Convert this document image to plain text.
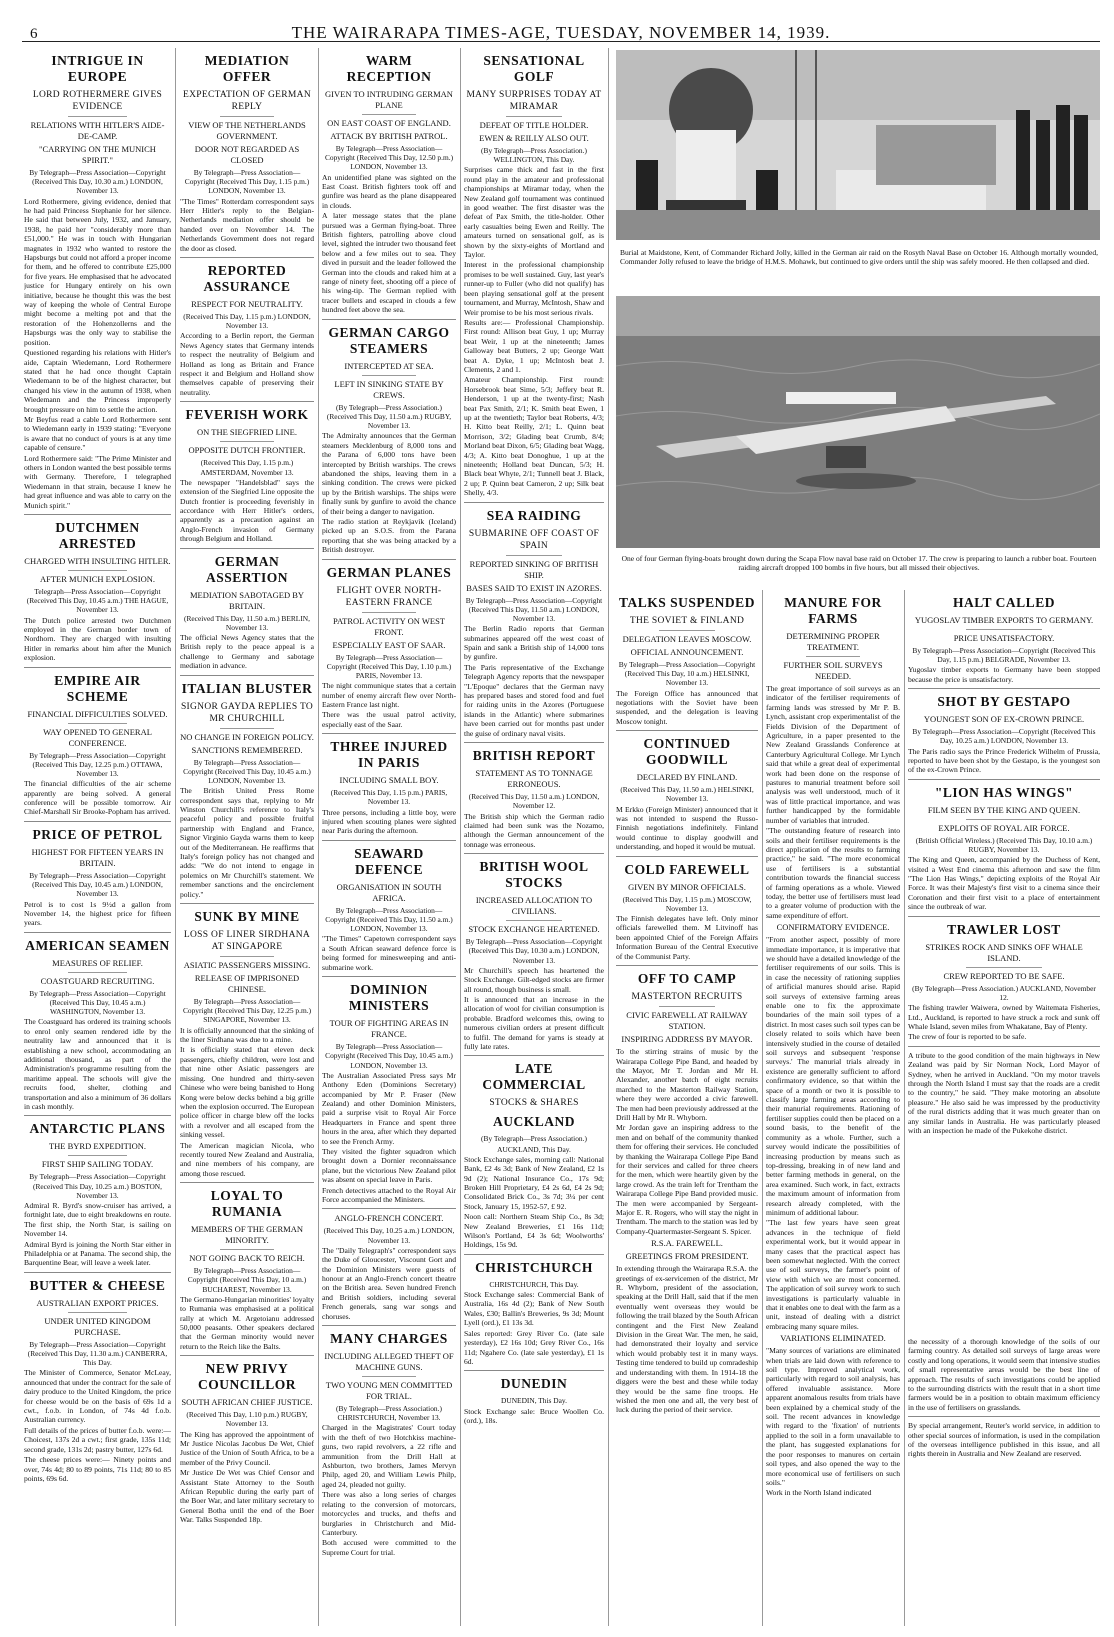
6	THE WAIRARAPA TIMES-AGE, TUESDAY, NOVEMBER 14, 1939.
INTRIGUE IN EUROPE
LORD ROTHERMERE GIVES EVIDENCE
RELATIONS WITH HITLER'S AIDE-DE-CAMP.
"CARRYING ON THE MUNICH SPIRIT."
By Telegraph—Press Association—Copyright (Received This Day, 10.30 a.m.) LONDON, November 13.
Lord Rothermere, giving evidence, denied that he had paid Princess Stephanie for her silence. He said that between July, 1932, and January, 1938, he paid her "considerably more than £51,000." He was in touch with Hungarian magnates in 1932 who wanted to restore the Hapsburgs but could not afford a proper income for them, and he offered to contribute £25,000 for five years. He emphasised that he advocated justice for Hungary entirely on his own initiative, because he thought this was the best way of keeping the whole of Central Europe might become a melting pot and that the restoration of the Hohenzollerns and the Hapsburgs was the only way to stabilise the position.
Questioned regarding his relations with Hitler's aide, Captain Wiedemann, Lord Rothermere stated that he had once thought Captain Wiedemann to be of the highest character, but changed his view in the autumn of 1938, when Wiedemann and the Princess improperly brought pressure on him to settle the action.
Mr Beyfus read a cable Lord Rothermere sent to Wiedemann early in 1939 stating: "Everyone is aware that no conduct of yours is at any time capable of censure."
Lord Rothermere said: "The Prime Minister and others in London wanted the best possible terms with Germany. Therefore, I telegraphed Wiedemann in that strain, because I knew he had great influence and was able to carry on the Munich spirit."
DUTCHMEN ARRESTED
CHARGED WITH INSULTING HITLER.
AFTER MUNICH EXPLOSION.
Telegraph—Press Association—Copyright (Received This Day, 10.45 a.m.) THE HAGUE, November 13.
The Dutch police arrested two Dutchmen employed in the German border town of Nordhorn. They are charged with insulting Hitler in remarks about him after the Munich explosion.
EMPIRE AIR SCHEME
FINANCIAL DIFFICULTIES SOLVED.
WAY OPENED TO GENERAL CONFERENCE.
By Telegraph—Press Association—Copyright (Received This Day, 12.25 p.m.) OTTAWA, November 13.
The financial difficulties of the air scheme apparently are being solved. A general conference will be possible tomorrow. Air Chief-Marshall Sir Brooke-Popham has arrived.
PRICE OF PETROL
HIGHEST FOR FIFTEEN YEARS IN BRITAIN.
By Telegraph—Press Association—Copyright (Received This Day, 10.45 a.m.) LONDON, November 13.
Petrol is to cost 1s 9½d a gallon from November 14, the highest price for fifteen years.
AMERICAN SEAMEN
MEASURES OF RELIEF.
COASTGUARD RECRUITING.
By Telegraph—Press Association—Copyright (Received This Day, 10.45 a.m.) WASHINGTON, November 13.
The Coastguard has ordered its training schools to enrol only seamen rendered idle by the neutrality law and announced that it is establishing a new school, accommodating an additional thousand, as part of the Administration's programme resulting from the maritime appeal. The schools will give the recruits food, shelter, clothing and transportation and also a minimum of 36 dollars in cash monthly.
ANTARCTIC PLANS
THE BYRD EXPEDITION.
FIRST SHIP SAILING TODAY.
By Telegraph—Press Association—Copyright (Received This Day, 10.25 a.m.) BOSTON, November 13.
Admiral R. Byrd's snow-cruiser has arrived, a fortnight late, due to eight breakdowns en route. The first ship, the North Star, is sailing on November 14.
Admiral Byrd is joining the North Star either in Philadelphia or at Panama. The second ship, the Barquentine Bear, will leave a week later.
BUTTER & CHEESE
AUSTRALIAN EXPORT PRICES.
UNDER UNITED KINGDOM PURCHASE.
By Telegraph—Press Association—Copyright (Received This Day, 11.30 a.m.) CANBERRA, This Day.
The Minister of Commerce, Senator McLeay, announced that under the contract for the sale of dairy produce to the United Kingdom, the price for cheese would be on the basis of 69s 1d a cwt., f.o.b. in London, of 74s 4d f.o.b. Australian currency.
Full details of the prices of butter f.o.b. were:—Choicest, 137s 2d a cwt.; first grade, 135s 11d; second grade, 131s 2d; pastry butter, 127s 6d.
The cheese prices were:— Ninety points and over, 74s 4d; 80 to 89 points, 71s 11d; 80 to 85 points, 69s 6d.
MEDIATION OFFER
EXPECTATION OF GERMAN REPLY
VIEW OF THE NETHERLANDS GOVERNMENT.
DOOR NOT REGARDED AS CLOSED
By Telegraph—Press Association—Copyright (Received This Day, 1.15 p.m.) LONDON, November 13.
"The Times" Rotterdam correspondent says Herr Hitler's reply to the Belgian-Netherlands mediation offer should be handed over on November 14. The Netherlands Government does not regard the door as closed.
REPORTED ASSURANCE
RESPECT FOR NEUTRALITY.
(Received This Day, 1.15 p.m.) LONDON, November 13.
According to a Berlin report, the German News Agency states that Germany intends to respect the neutrality of Belgium and Holland as long as Britain and France respect it and Belgium and Holland show themselves capable of preserving their neutrality.
FEVERISH WORK
ON THE SIEGFRIED LINE.
OPPOSITE DUTCH FRONTIER.
(Received This Day, 1.15 p.m.) AMSTERDAM, November 13.
The newspaper "Handelsblad" says the extension of the Siegfried Line opposite the Dutch frontier is proceeding feverishly in accordance with Herr Hitler's orders, apparently as a precaution against an Anglo-French invasion of Germany through Belgium and Holland.
GERMAN ASSERTION
MEDIATION SABOTAGED BY BRITAIN.
(Received This Day, 11.50 a.m.) BERLIN, November 13.
The official News Agency states that the British reply to the peace appeal is a challenge to Germany and sabotage mediation in advance.
ITALIAN BLUSTER
SIGNOR GAYDA REPLIES TO MR CHURCHILL
NO CHANGE IN FOREIGN POLICY.
SANCTIONS REMEMBERED.
By Telegraph—Press Association—Copyright (Received This Day, 10.45 a.m.) LONDON, November 13.
The British United Press Rome correspondent says that, replying to Mr Winston Churchill's reference to Italy's peaceful policy and possible fruitful partnership with England and France, Signor Virginio Gayda warns them to keep out of the Mediterranean. He reaffirms that Italy's foreign policy has not changed and adds: "We do not intend to engage in polemics on Mr Churchill's statement. We remember sanctions and the encirclement policy."
SUNK BY MINE
LOSS OF LINER SIRDHANA AT SINGAPORE
ASIATIC PASSENGERS MISSING.
RELEASE OF IMPRISONED CHINESE.
By Telegraph—Press Association—Copyright (Received This Day, 12.25 p.m.) SINGAPORE, November 13.
It is officially announced that the sinking of the liner Sirdhana was due to a mine.
It is officially stated that eleven deck passengers, chiefly children, were lost and that nine other Asiatic passengers are missing. One hundred and thirty-seven Chinese who were being banished to Hong Kong were below decks behind a big grille when the explosion occurred. The European police officer in charge blew off the locks with a revolver and all escaped from the sinking vessel.
The American magician Nicola, who recently toured New Zealand and Australia, and nine members of his company, are among those rescued.
LOYAL TO RUMANIA
MEMBERS OF THE GERMAN MINORITY.
NOT GOING BACK TO REICH.
By Telegraph—Press Association—Copyright (Received This Day, 10 a.m.) BUCHAREST, November 13.
The Germano-Hungarian minorities' loyalty to Rumania was emphasised at a political rally at which M. Argetoianu addressed 50,000 peasants. Other speakers declared that the German minority would never return to the Reich like the Balts.
NEW PRIVY COUNCILLOR
SOUTH AFRICAN CHIEF JUSTICE.
(Received This Day, 1.10 p.m.) RUGBY, November 13.
The King has approved the appointment of Mr Justice Nicolas Jacobus De Wet, Chief Justice of the Union of South Africa, to be a member of the Privy Council.
Mr Justice De Wet was Chief Censor and Assistant State Attorney to the South African Republic during the early part of the Boer War, and later military secretary to General Botha until the end of the Boer War. Talks Suspended 18p.
WARM RECEPTION
GIVEN TO INTRUDING GERMAN PLANE
ON EAST COAST OF ENGLAND.
ATTACK BY BRITISH PATROL.
By Telegraph—Press Association—Copyright (Received This Day, 12.50 p.m.) LONDON, November 13.
An unidentified plane was sighted on the East Coast. British fighters took off and gunfire was heard as the plane disappeared in clouds.
A later message states that the plane pursued was a German flying-boat. Three British fighters, patrolling above cloud level, sighted the intruder two thousand feet below and a few miles out to sea. They dived in pursuit and the leader followed the German into the clouds and raked him at a range of ninety feet, shooting off a piece of his wing-tip. The German replied with tracer bullets and escaped in clouds a few hundred feet above the sea.
GERMAN CARGO STEAMERS
INTERCEPTED AT SEA.
LEFT IN SINKING STATE BY CREWS.
(By Telegraph—Press Association.) (Received This Day, 11.50 a.m.) RUGBY, November 13.
The Admiralty announces that the German steamers Mecklenburg of 8,000 tons and the Parana of 6,000 tons have been intercepted by British warships. The crews abandoned the ships, leaving them in a sinking condition. The crews were picked up by the British warships. The ships were finally sunk by gunfire to avoid the chance of their being a danger to navigation.
The radio station at Reykjavik (Iceland) picked up an S.O.S. from the Parana reporting that she was being attacked by a British destroyer.
GERMAN PLANES
FLIGHT OVER NORTH-EASTERN FRANCE
PATROL ACTIVITY ON WEST FRONT.
ESPECIALLY EAST OF SAAR.
By Telegraph—Press Association—Copyright (Received This Day, 1.10 p.m.) PARIS, November 13.
The night communique states that a certain number of enemy aircraft flew over North-Eastern France last night.
There was the usual patrol activity, especially east of the Saar.
THREE INJURED IN PARIS
INCLUDING SMALL BOY.
(Received This Day, 1.15 p.m.) PARIS, November 13.
Three persons, including a little boy, were injured when scouting planes were sighted near Paris during the afternoon.
SEAWARD DEFENCE
ORGANISATION IN SOUTH AFRICA.
By Telegraph—Press Association—Copyright (Received This Day, 11.50 a.m.) LONDON, November 13.
"The Times" Capetown correspondent says a South African seaward defence force is being formed for minesweeping and anti-submarine work.
DOMINION MINISTERS
TOUR OF FIGHTING AREAS IN FRANCE.
By Telegraph—Press Association—Copyright (Received This Day, 10.45 a.m.) LONDON, November 13.
The Australian Associated Press says Mr Anthony Eden (Dominions Secretary) accompanied by Mr P. Fraser (New Zealand) and other Dominion Ministers, paid a surprise visit to Royal Air Force Headquarters in France and spent three hours in the area, after which they departed to see the French Army.
They visited the fighter squadron which brought down a Dornier reconnaissance plane, but the victorious New Zealand pilot was absent on special leave in Paris.
French detectives attached to the Royal Air Force accompanied the Ministers.
ANGLO-FRENCH CONCERT.
(Received This Day, 10.25 a.m.) LONDON, November 13.
The "Daily Telegraph's" correspondent says the Duke of Gloucester, Viscount Gort and the Dominion Ministers were guests of honour at an Anglo-French concert theatre on the British area. Seven hundred French and British soldiers, including several French generals, sang war songs and choruses.
MANY CHARGES
INCLUDING ALLEGED THEFT OF MACHINE GUNS.
TWO YOUNG MEN COMMITTED FOR TRIAL.
(By Telegraph—Press Association.) CHRISTCHURCH, November 13.
Charged in the Magistrates' Court today with the theft of two Hotchkiss machine-guns, two rapid revolvers, a 22 rifle and ammunition from the Drill Hall at Ashburton, two brothers, James Mervyn Philp, aged 20, and William Lewis Philp, aged 24, pleaded not guilty.
There was also a long series of charges relating to the conversion of motorcars, motorcycles and trucks, and thefts and burglaries in Christchurch and Mid-Canterbury.
Both accused were committed to the Supreme Court for trial.
SENSATIONAL GOLF
MANY SURPRISES TODAY AT MIRAMAR
DEFEAT OF TITLE HOLDER.
EWEN & REILLY ALSO OUT.
(By Telegraph—Press Association.) WELLINGTON, This Day.
Surprises came thick and fast in the first round play in the amateur and professional championships at Miramar today, when the New Zealand golf tournament was continued in good weather. The first disaster was the defeat of Pax Smith, the title-holder. Other early casualties being Ewen and Reilly. The amateurs turned on sensational golf, as is shown by the sixty-eights of Mortland and Taylor.
Interest in the professional championship promises to be well sustained. Guy, last year's runner-up to Fuller (who did not qualify) has been playing sensational golf at the present tournament, and Murray, McIntosh, Shaw and Weir promise to be his most serious rivals.
Results are:— Professional Championship. First round: Allison beat Guy, 1 up; Murray beat Weir, 1 up at the nineteenth; James Galloway beat Butters, 2 up; George Watt beat A. Dyke, 1 up; McIntosh beat J. Clements, 2 and 1.
Amateur Championship. First round: Horsebrook beat Sime, 5/3; Jeffery beat R. Henderson, 1 up at the twenty-first; Nash beat Pax Smith, 2/1; K. Smith beat Ewen, 1 up at the twentieth; Taylor beat Roberts, 4/3; H. Kitto beat Reilly, 2/1; L. Quinn beat Morrison, 3/2; Glading beat Crumb, 8/4; Morland beat Dixon, 6/5; Glading beat Wagg, 4/3; A. Kitto beat Donoghue, 1 up at the nineteenth; Holland beat Duncan, 5/3; H. Black beat Whyte, 2/1; Tunnell beat J. Black, 2 up; P. Quinn beat Cameron, 2 up; Silk beat Shelly, 4/3.
SEA RAIDING
SUBMARINE OFF COAST OF SPAIN
REPORTED SINKING OF BRITISH SHIP.
BASES SAID TO EXIST IN AZORES.
By Telegraph—Press Association—Copyright (Received This Day, 11.50 a.m.) LONDON, November 13.
The Berlin Radio reports that German submarines appeared off the west coast of Spain and sank a British ship of 14,000 tons by gunfire.
The Paris representative of the Exchange Telegraph Agency reports that the newspaper "L'Epoque" declares that the German navy has prepared bases and stored food and fuel for raiding units in the Azores (Portuguese islands in the Atlantic) where submarines have been carried out for months past under the guise of ordinary naval visits.
BRITISH REPORT
STATEMENT AS TO TONNAGE ERRONEOUS.
(Received This Day, 11.50 a.m.) LONDON, November 12.
The British ship which the German radio claimed had been sunk was the Nozamo, although the German announcement of the tonnage was erroneous.
BRITISH WOOL STOCKS
INCREASED ALLOCATION TO CIVILIANS.
STOCK EXCHANGE HEARTENED.
By Telegraph—Press Association—Copyright (Received This Day, 10.30 a.m.) LONDON, November 13.
Mr Churchill's speech has heartened the Stock Exchange. Gilt-edged stocks are firmer all round, though business is small.
It is announced that an increase in the allocation of wool for civilian consumption is probable. Bradford welcomes this, owing to numerous civilian orders at present difficult to fulfil. The demand for yarns is steady at fully late rates.
LATE COMMERCIAL
STOCKS & SHARES
AUCKLAND
(By Telegraph—Press Association.)
AUCKLAND, This Day.
Stock Exchange sales, morning call: National Bank, £2 4s 3d; Bank of New Zealand, £2 1s 9d (2); National Insurance Co., 17s 9d; Broken Hill Proprietary, £4 2s 6d, £4 2s 9d; Consolidated Brick Co., 3s 7d; 3¼ per cent Stock, January 15, 1952-57, £ 92.
Noon call: Northern Steam Ship Co., 8s 3d; New Zealand Breweries, £1 16s 11d; Wilson's Portland, £4 3s 6d; Woolworths' Holdings, 15s 9d.
CHRISTCHURCH
CHRISTCHURCH, This Day.
Stock Exchange sales: Commercial Bank of Australia, 16s 4d (2); Bank of New South Wales, £30; Ballin's Breweries, 9s 3d; Mount Lyell (ord.), £1 13s 3d.
Sales reported: Grey River Co. (late sale yesterday), £2 16s 10d; Grey River Co., 16s 11d; Ngahere Co. (late sale yesterday), £1 1s 6d.
DUNEDIN
DUNEDIN, This Day.
Stock Exchange sale: Bruce Woollen Co. (ord.), 18s.
Burial at Maidstone, Kent, of Commander Richard Jolly, killed in the German air raid on the Rosyth Naval Base on October 16. Although mortally wounded, Commander Jolly refused to leave the bridge of H.M.S. Mohawk, but continued to give orders until the ship was safely moored. He then collapsed and died.
One of four German flying-boats brought down during the Scapa Flow naval base raid on October 17. The crew is preparing to launch a rubber boat. Fourteen raiding aircraft dropped 100 bombs in five hours, but all missed their objectives.
TALKS SUSPENDED
THE SOVIET & FINLAND
DELEGATION LEAVES MOSCOW.
OFFICIAL ANNOUNCEMENT.
By Telegraph—Press Association—Copyright (Received This Day, 10 a.m.) HELSINKI, November 13.
The Foreign Office has announced that negotiations with the Soviet have been suspended, and the delegation is leaving Moscow tonight.
CONTINUED GOODWILL
DECLARED BY FINLAND.
(Received This Day, 11.50 a.m.) HELSINKI, November 13.
M Erkko (Foreign Minister) announced that it was not intended to suspend the Russo-Finnish negotiations indefinitely. Finland would continue to display goodwill and understanding, and hoped it would be mutual.
COLD FAREWELL
GIVEN BY MINOR OFFICIALS.
(Received This Day, 1.15 p.m.) MOSCOW, November 13.
The Finnish delegates have left. Only minor officials farewelled them. M Litvinoff has been appointed Chief of the Foreign Affairs Information Bureau of the Central Executive of the Communist Party.
OFF TO CAMP
MASTERTON RECRUITS
CIVIC FAREWELL AT RAILWAY STATION.
INSPIRING ADDRESS BY MAYOR.
To the stirring strains of music by the Wairarapa College Pipe Band, and headed by the Mayor, Mr T. Jordan and Mr H. Alexander, another batch of eight recruits marched to the Masterton Railway Station, where they were accorded a civic farewell. The men had been previously addressed at the Drill Hall by Mr R. Whyborn.
Mr Jordan gave an inspiring address to the men and on behalf of the community thanked them for offering their services. He concluded by thanking the Wairarapa College Pipe Band for their services and called for three cheers for the men, which were heartily given by the large crowd. As the train left for Trentham the Wairarapa College Pipe Band provided music. The men were accompanied by Sergeant-Major E. R. Rogers, who will stay the night in Trentham. The march to the station was led by Company-Quartermaster-Sergeant S. Spicer.
R.S.A. FAREWELL.
GREETINGS FROM PRESIDENT.
In extending through the Wairarapa R.S.A. the greetings of ex-servicemen of the district, Mr R. Whyborn, president of the association, speaking at the Drill Hall, said that if the men eventually went overseas they would be following the trail blazed by the South African contingent and the First New Zealand Division in the Great War. The men, he said, had demonstrated their loyalty and service which would probably test it in many ways. Testing time tendered to build up comradeship and understanding with them. In 1914-18 the diggers were the best and these while today they would be the same fine troops. He wished the men one and all, the very best of luck during the period of their service.
MANURE FOR FARMS
DETERMINING PROPER TREATMENT.
FURTHER SOIL SURVEYS NEEDED.
The great importance of soil surveys as an indicator of the fertiliser requirements of farming lands was stressed by Mr P. B. Lynch, assistant crop experimentalist of the Fields Division of the Department of Agriculture, in a paper presented to the New Zealand Grasslands Conference at Canterbury Agricultural College. Mr Lynch said that while a great deal of experimental work had been done on the response of pastures to manurial treatment before soil analysis was well understood, much of it was of little practical importance, and was further handicapped by the formidable number of variables that intruded.
"The outstanding feature of research into soils and their fertiliser requirements is the direct application of the results to farming practice," he said. "The more economical use of fertilisers is a substantial contribution towards the financial success of farming operations as a whole. Viewed today, the better use of fertilisers must lead to a greater volume of production with the same expenditure of effort.
CONFIRMATORY EVIDENCE.
"From another aspect, possibly of more immediate importance, it is imperative that we should have a detailed knowledge of the fertiliser requirements of our soils. This is in case the necessity of rationing supplies of artificial manures should arise. Rapid soil surveys of extensive farming areas enable one to fix the approximate boundaries of the main soil types of a district. In most cases such soil types can be closely related to soils which have been intensively studied in the course of detailed soil surveys and subsequent 'response surveys.' The manurial trials already in existence are generally sufficient to afford confirmatory evidence, so that within the space of a month or two it is possible to classify large farming areas according to their manurial requirements. Rationing of fertiliser supplies could then be placed on a sound basis, to the benefit of the community as a whole. Further, such a survey would indicate the possibilities of increasing production by means such as top-dressing, breaking in of new land and better farming methods in general, on the area examined. Such work, in fact, extracts the maximum amount of information from research already completed, with the minimum of additional labour.
"The last few years have seen great advances in the technique of field experimental work, but it would appear in many cases that the practical aspect has been somewhat neglected. With the correct use of soil surveys, the farmer's point of view with which we are most concerned. The application of soil survey work to such investigations is particularly valuable in that it enables one to deal with the farm as a unit, instead of dealing with a district embracing many square miles.
VARIATIONS ELIMINATED.
"Many sources of variations are eliminated when trials are laid down with reference to soil type. Improved analytical work, particularly with regard to soil analysis, has offered invaluable assistance. More apparent anomalous results from trials have been explained by a chemical study of the soil. The recent advances in knowledge with regard to the 'fixation' of nutrients applied to the soil in a form unavailable to the plant, has suggested explanations for the poor responses to manures on certain soil types, and also opened the way to the more economical use of fertilisers on such soils."
Work in the North Island indicated
HALT CALLED
YUGOSLAV TIMBER EXPORTS TO GERMANY.
PRICE UNSATISFACTORY.
By Telegraph—Press Association—Copyright (Received This Day, 1.15 p.m.) BELGRADE, November 13.
Yugoslav timber exports to Germany have been stopped because the price is unsatisfactory.
SHOT BY GESTAPO
YOUNGEST SON OF EX-CROWN PRINCE.
By Telegraph—Press Association—Copyright (Received This Day, 10.25 a.m.) LONDON, November 13.
The Paris radio says the Prince Frederick Wilhelm of Prussia, reported to have been shot by the Gestapo, is the youngest son of the ex-Crown Prince.
"LION HAS WINGS"
FILM SEEN BY THE KING AND QUEEN.
EXPLOITS OF ROYAL AIR FORCE.
(British Official Wireless.) (Received This Day, 10.10 a.m.) RUGBY, November 13.
The King and Queen, accompanied by the Duchess of Kent, visited a West End cinema this afternoon and saw the film "The Lion Has Wings," depicting exploits of the Royal Air Force. It was their Majesty's first visit to a cinema since their Coronation and their first visit to a place of entertainment since the outbreak of war.
TRAWLER LOST
STRIKES ROCK AND SINKS OFF WHALE ISLAND.
CREW REPORTED TO BE SAFE.
(By Telegraph—Press Association.) AUCKLAND, November 12.
The fishing trawler Waiwera, owned by Waitemata Fisheries, Ltd., Auckland, is reported to have struck a rock and sunk off Whale Island, seven miles from Whakatane, Bay of Plenty.
The crew of four is reported to be safe.
A tribute to the good condition of the main highways in New Zealand was paid by Sir Norman Nock, Lord Mayor of Sydney, when he arrived in Auckland. "On my motor travels through the North Island I must say that the roads are a credit to the country," he said. "They make motoring an absolute pleasure." He also said he was impressed by the productivity of the rural districts adding that it was much greater than on any similar lands in Australia. He was particularly pleased with an inspection he made of the Pukekohe district.
the necessity of a thorough knowledge of the soils of our farming country. As detailed soil surveys of large areas were costly and long operations, it would seem that intensive studies of small representative areas would be the best line of approach. The results of such investigations could be applied to the surrounding districts with the result that in a short time farmers would be in a position to obtain maximum efficiency in the use of fertilisers on grasslands.
By special arrangement, Reuter's world service, in addition to other special sources of information, is used in the compilation of the overseas intelligence published in this issue, and all rights therein in Australia and New Zealand are reserved.
